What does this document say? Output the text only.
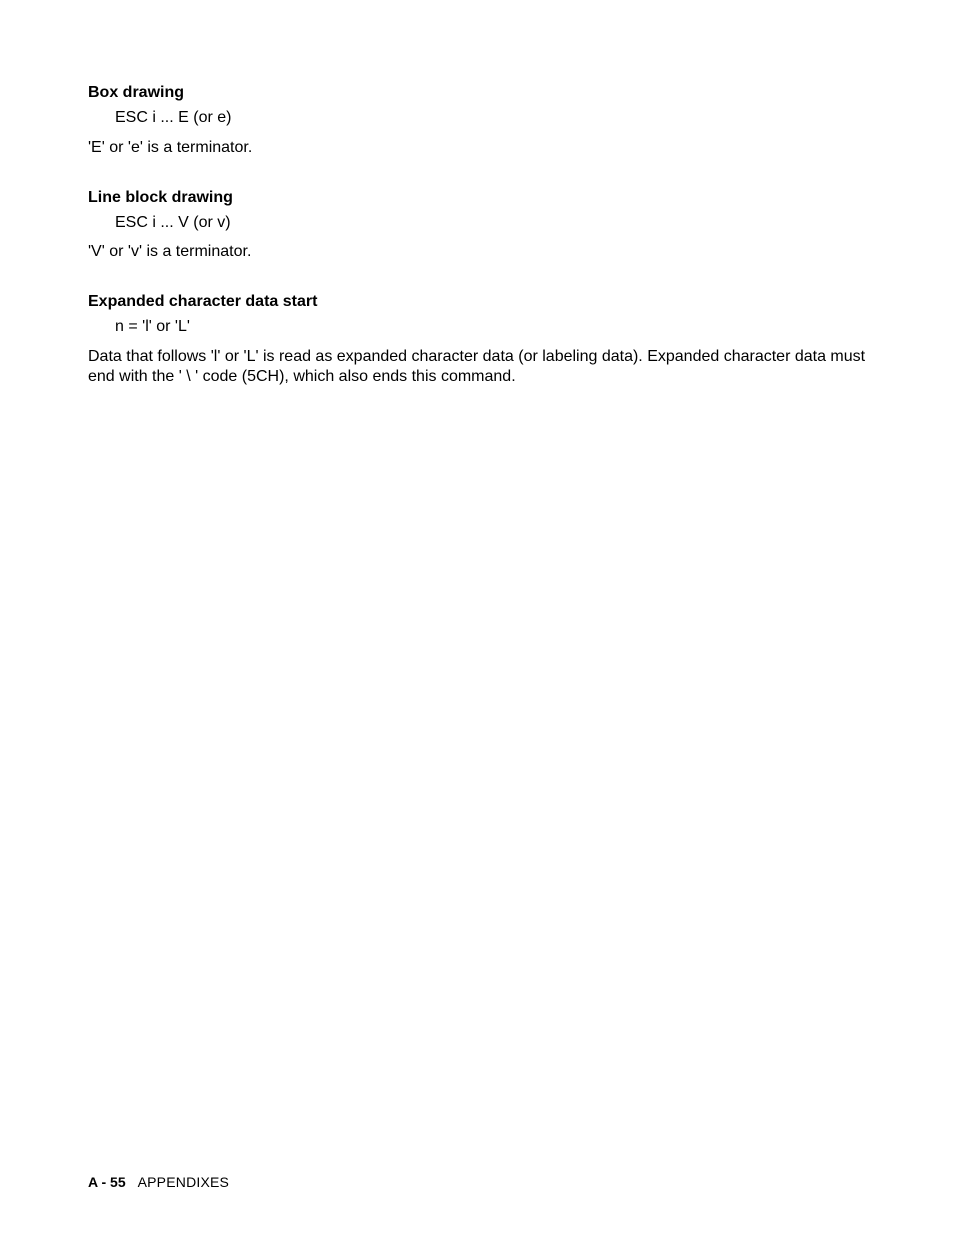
Box drawing
ESC i ... E (or e)
'E' or 'e' is a terminator.
Line block drawing
ESC i ... V (or v)
'V' or 'v' is a terminator.
Expanded character data start
n = 'l' or 'L'
Data that follows 'l' or 'L' is read as expanded character data (or labeling data). Expanded character data must end with the ' \ ' code (5CH), which also ends this command.
A - 55 APPENDIXES
